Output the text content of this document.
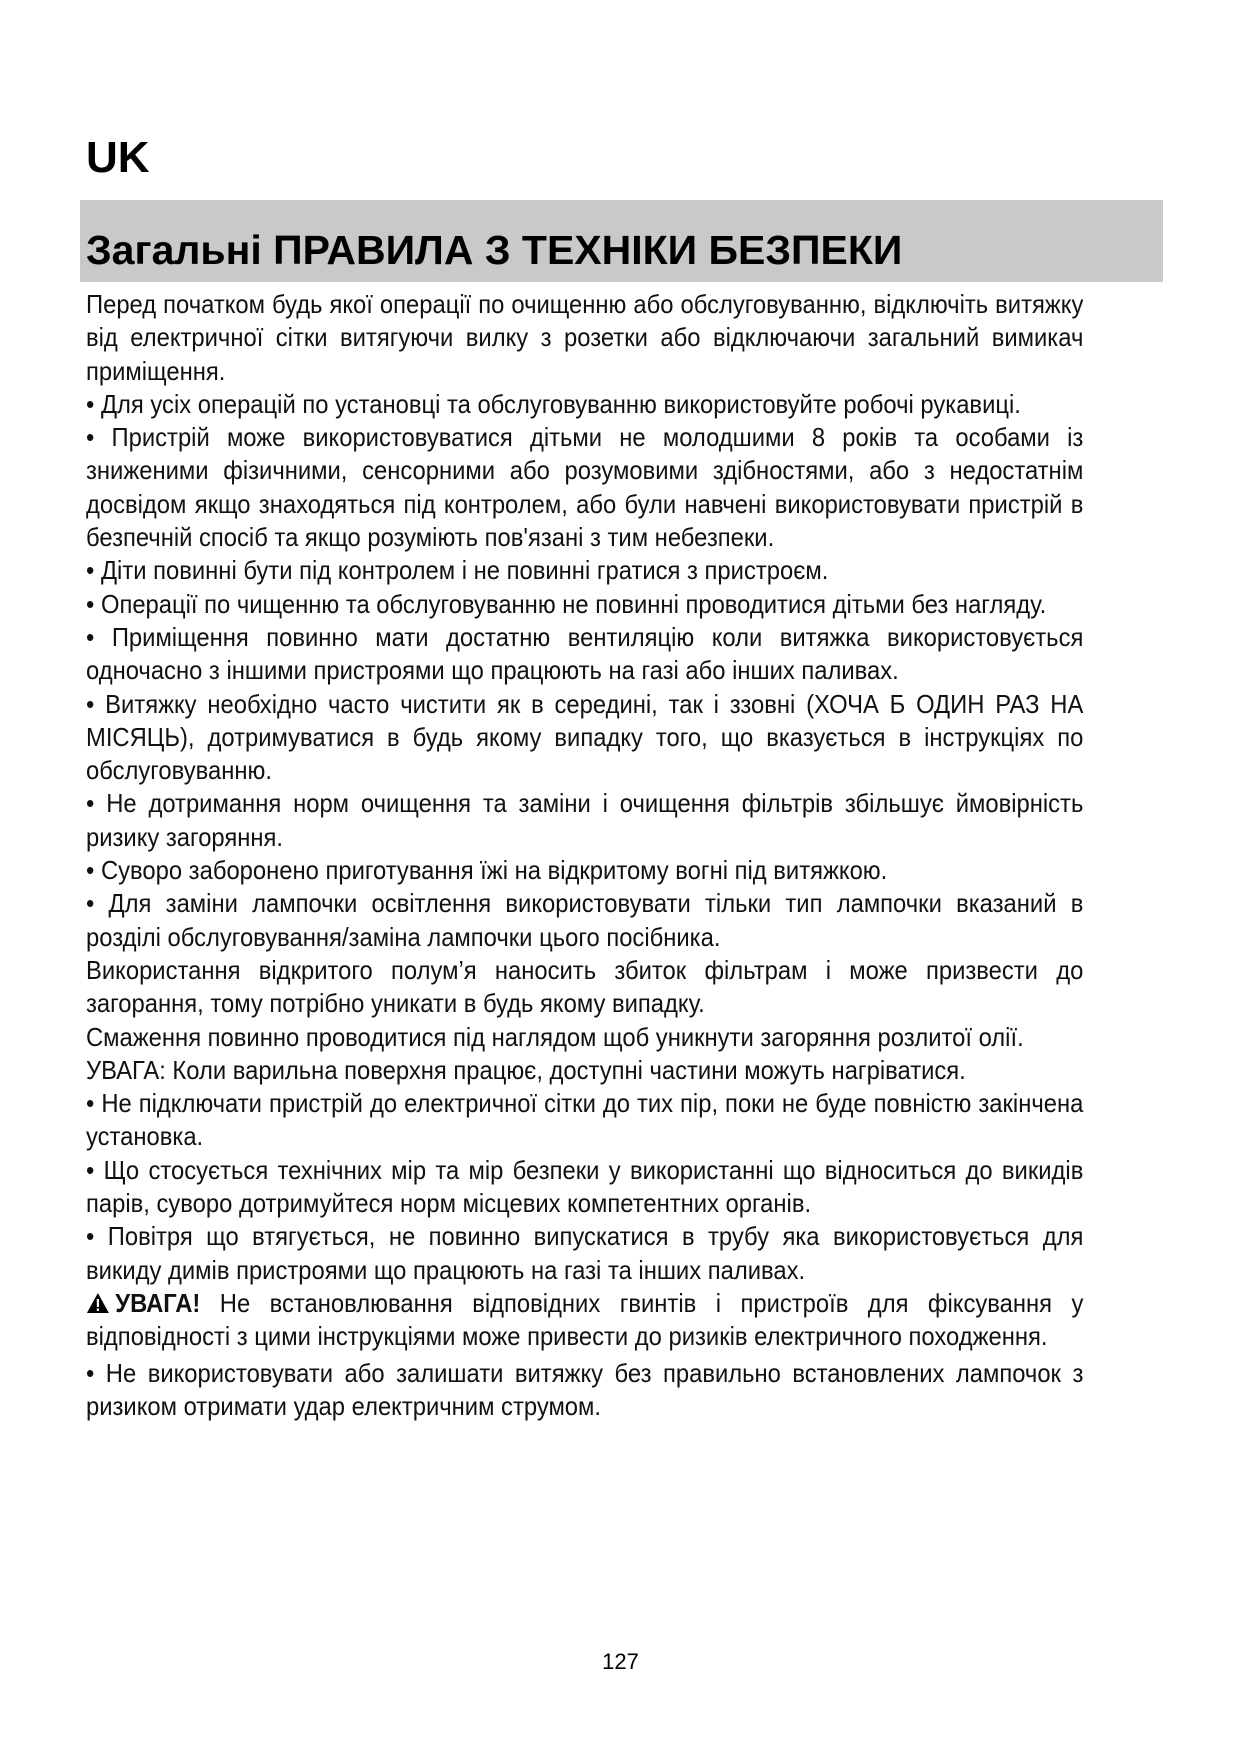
UK
Загальні ПРАВИЛА З ТЕХНІКИ БЕЗПЕКИ

Перед початком будь якої операції по очищенню або обслуговуванню, відключіть витяжку від електричної сітки витягуючи вилку з розетки або відключаючи загальний вимикач приміщення.

• Для усіх операцій по установці та обслуговуванню використовуйте робочі рукавиці.

• Пристрій може використовуватися дітьми не молодшими 8 років та особами із зниженими фізичними, сенсорними або розумовими здібностями, або з недостатнім досвідом якщо знаходяться під контролем, або були навчені використовувати пристрій в безпечній спосіб та якщо розуміють пов'язані з тим небезпеки.

• Діти повинні бути під контролем і не повинні гратися з пристроєм.

• Операції по чищенню та обслуговуванню не повинні проводитися дітьми без нагляду.

• Приміщення повинно мати достатню вентиляцію коли витяжка використовується одночасно з іншими пристроями що працюють на газі або інших паливах.

• Витяжку необхідно часто чистити як в середині, так і ззовні (ХОЧА Б ОДИН РАЗ НА МІСЯЦЬ), дотримуватися в будь якому випадку того, що вказується в інструкціях по обслуговуванню.

• Не дотримання норм очищення та заміни і очищення фільтрів збільшує ймовірність ризику загоряння.

• Суворо заборонено приготування їжі на відкритому вогні під витяжкою.

• Для заміни лампочки освітлення використовувати тільки тип лампочки вказаний в розділі обслуговування/заміна лампочки цього посібника.

Використання відкритого полум’я наносить збиток фільтрам і може призвести до загорання, тому потрібно уникати в будь якому випадку.

Смаження повинно проводитися під наглядом щоб уникнути загоряння розлитої олії.

УВАГА: Коли варильна поверхня працює, доступні частини можуть нагріватися.

• Не підключати пристрій до електричної сітки до тих пір, поки не буде повністю закінчена установка.

• Що стосується технічних мір та мір безпеки у використанні що відноситься до викидів парів, суворо дотримуйтеся норм місцевих компетентних органів.

• Повітря що втягується, не повинно випускатися в трубу яка використовується для викиду димів пристроями що працюють на газі та інших паливах.

УВАГА! Не встановлювання відповідних гвинтів і пристроїв для фіксування у відповідності з цими інструкціями може привести до ризиків електричного походження.

• Не використовувати або залишати витяжку без правильно встановлених лампочок з ризиком отримати удар електричним струмом.

127
